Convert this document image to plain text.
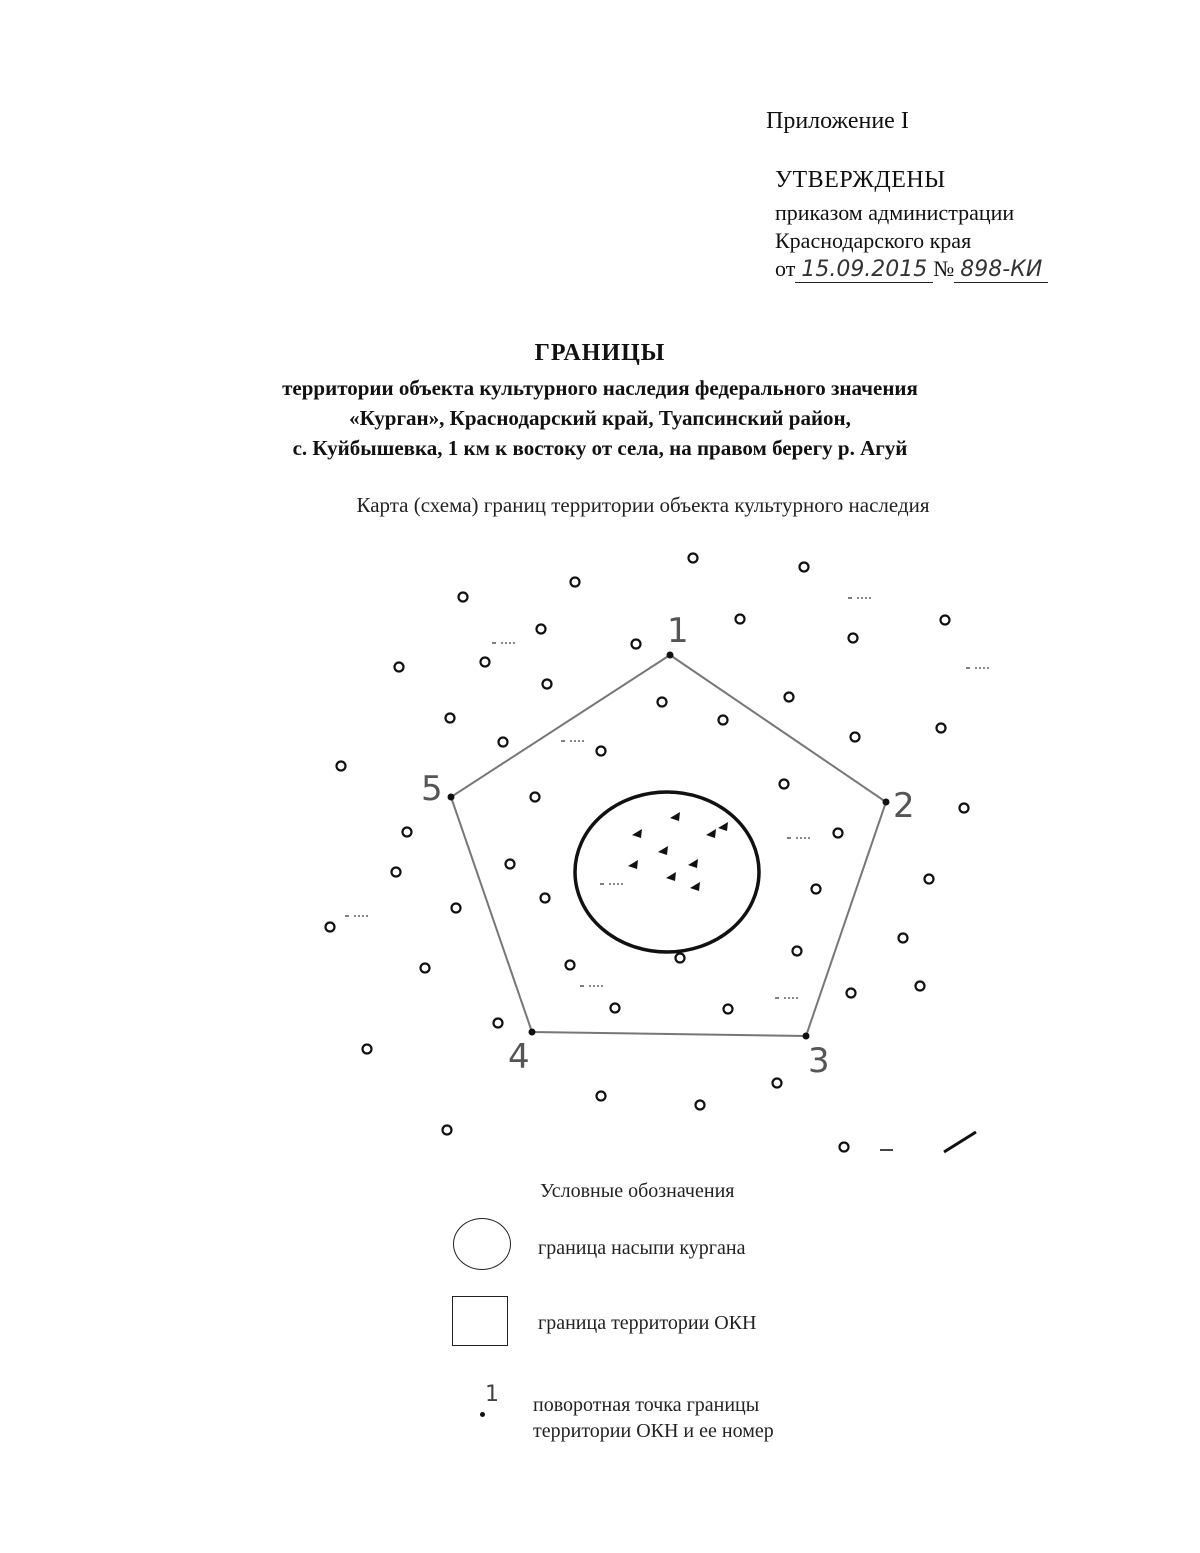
Приложение I
УТВЕРЖДЕНЫ
приказом администрации
Краснодарского края
от 15.09.2015 № 898-КИ
ГРАНИЦЫ
территории объекта культурного наследия федерального значения
«Курган», Краснодарский край, Туапсинский район,
с. Куйбышевка, 1 км к востоку от села, на правом берегу р. Агуй
Карта (схема) границ территории объекта культурного наследия
1
2
3
4
5
Условные обозначения
граница насыпи кургана
граница территории ОКН
1 поворотная точка границы
территории ОКН и ее номер
